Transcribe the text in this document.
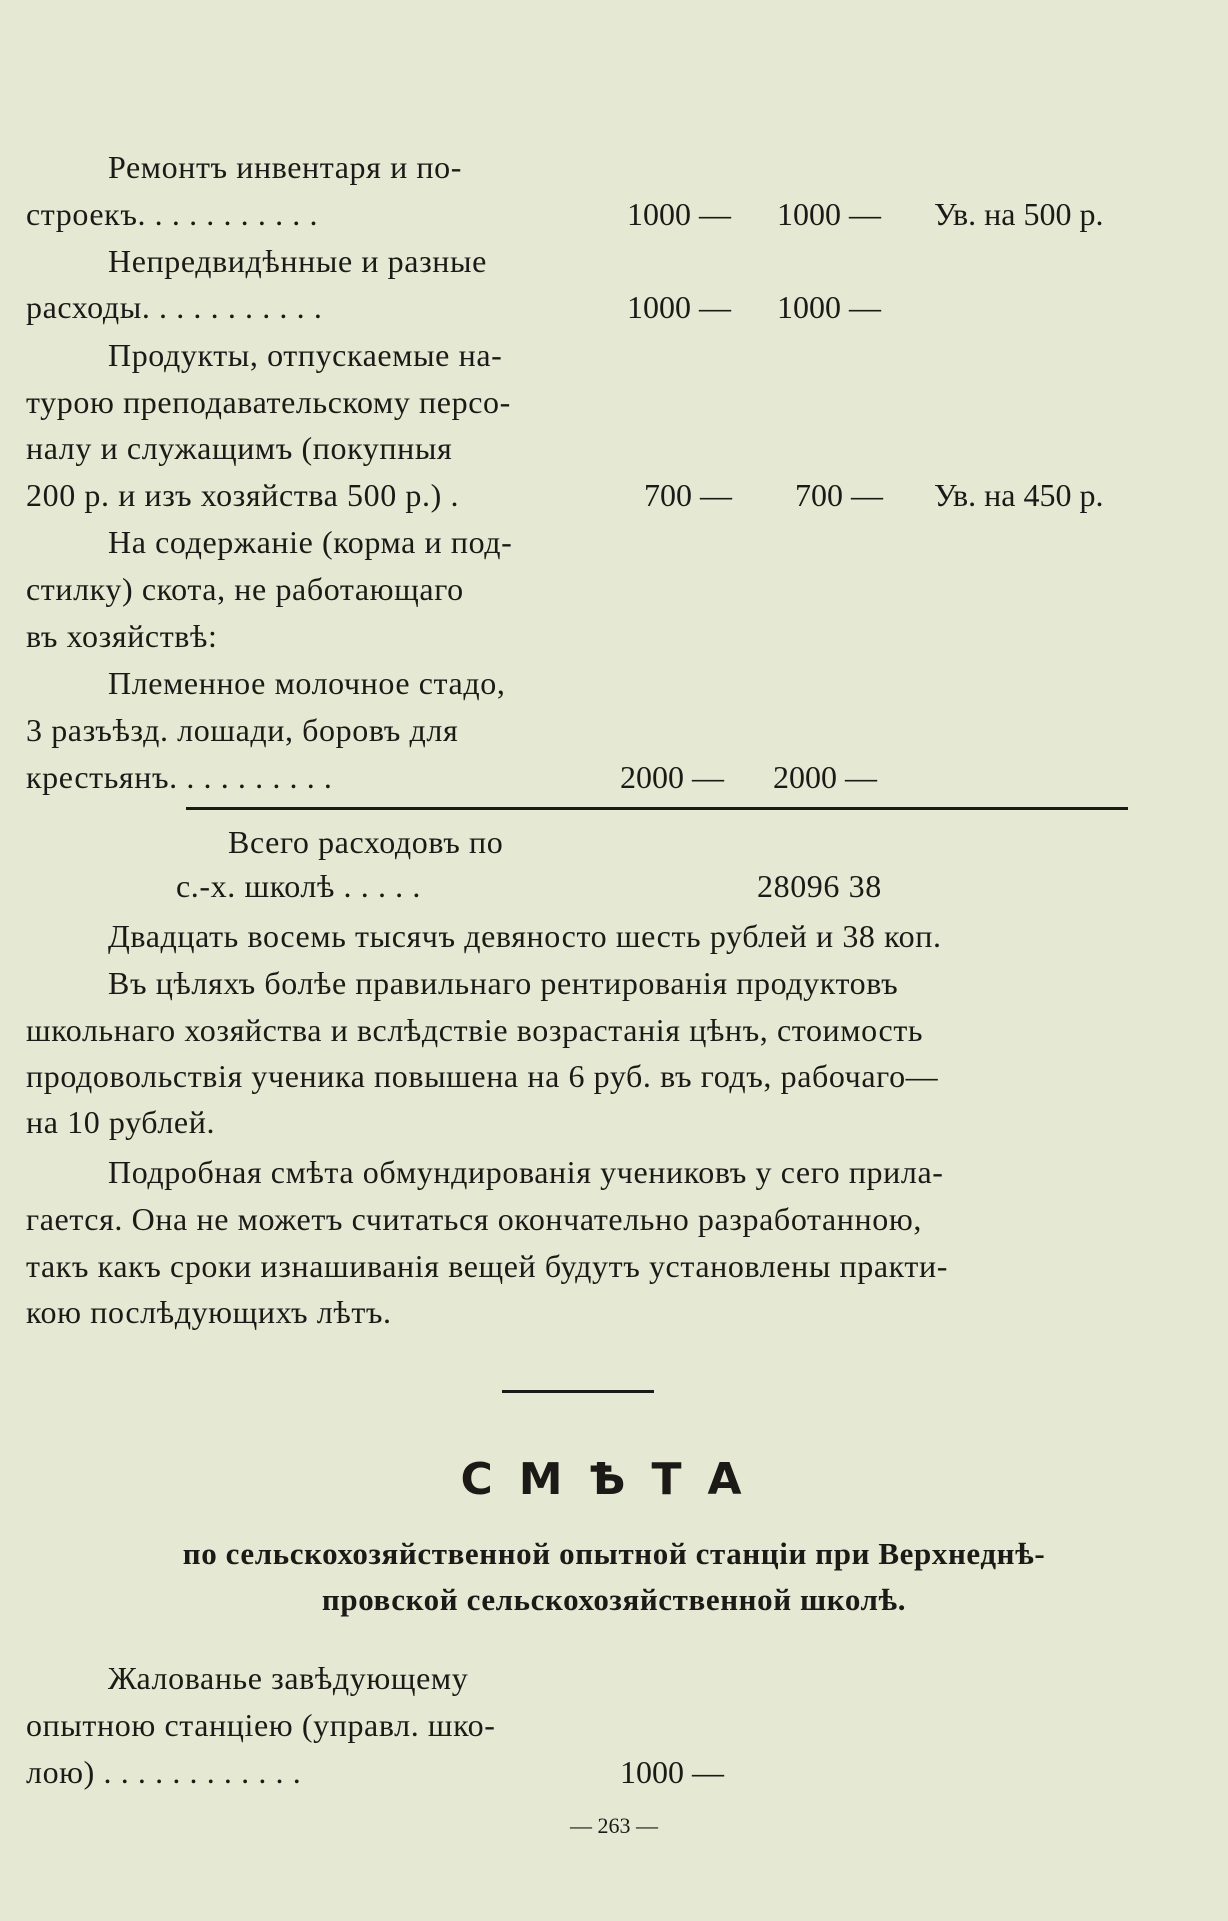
Ремонтъ инвентаря и по-
строекъ. . . . . . . . . . .	1000 —	1000 —	Ув. на 500 р.
Непредвидѣнные и разные
расходы. . . . . . . . . . .	1000 —	1000 —
Продукты, отпускаемые на-
турою преподавательскому персо-
налу и служащимъ (покупныя
200 р. и изъ хозяйства 500 р.) .	700 —	700 —	Ув. на 450 р.
На содержаніе (корма и под-
стилку) скота, не работающаго
въ хозяйствѣ:
Племенное молочное стадо,
3 разъѣзд. лошади, боровъ для
крестьянъ. . . . . . . . . .	2000 —	2000 —
Всего расходовъ по
с.-х. школѣ . . . . .	28096 38
Двадцать восемь тысячъ девяносто шесть рублей и 38 коп.
Въ цѣляхъ болѣе правильнаго рентированія продуктовъ
школьнаго хозяйства и вслѣдствіе возрастанія цѣнъ, стоимость
продовольствія ученика повышена на 6 руб. въ годъ, рабочаго—
на 10 рублей.
Подробная смѣта обмундированія учениковъ у сего прила-
гается. Она не можетъ считаться окончательно разработанною,
такъ какъ сроки изнашиванія вещей будутъ установлены практи-
кою послѣдующихъ лѣтъ.
СМѢТА
по сельскохозяйственной опытной станціи при Верхнеднѣ-
провской сельскохозяйственной школѣ.
Жалованье завѣдующему
опытною станціею (управл. шко-
лою) . . . . . . . . . . . .	1000 —
— 263 —
